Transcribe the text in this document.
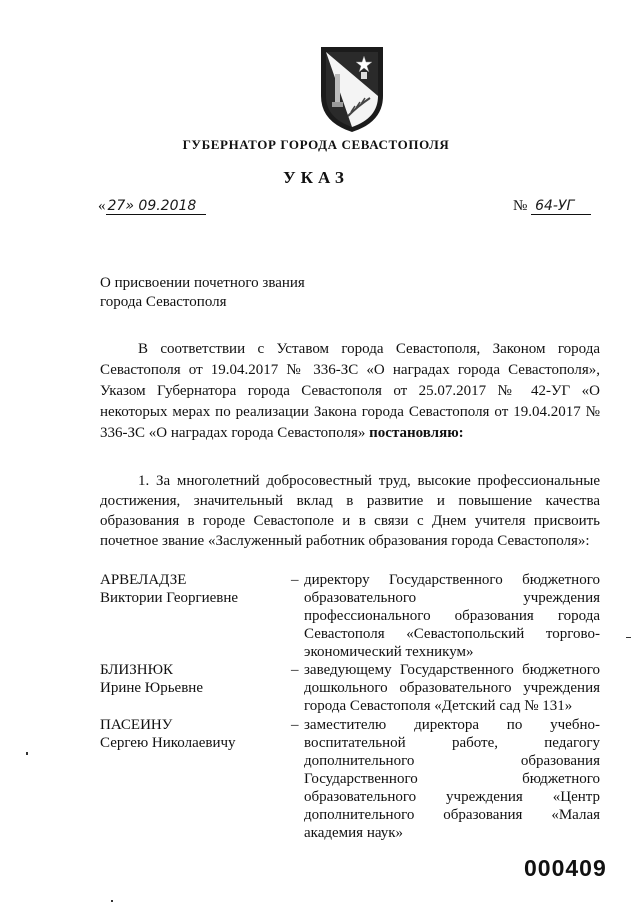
ГУБЕРНАТОР ГОРОДА СЕВАСТОПОЛЯ
УКАЗ
« 27» 09.2018	№ 64-УГ
О присвоении почетного звания
города Севастополя
В соответствии с Уставом города Севастополя, Законом города Севастополя от 19.04.2017 № 336-ЗС «О наградах города Севастополя», Указом Губернатора города Севастополя от 25.07.2017 № 42-УГ «О некоторых мерах по реализации Закона города Севастополя от 19.04.2017 № 336-ЗС «О наградах города Севастополя» постановляю:
1. За многолетний добросовестный труд, высокие профессиональные достижения, значительный вклад в развитие и повышение качества образования в городе Севастополе и в связи с Днем учителя присвоить почетное звание «Заслуженный работник образования города Севастополя»:
АРВЕЛАДЗЕ
Виктории Георгиевне
– директору Государственного бюджетного образовательного учреждения профессионального образования города Севастополя «Севастопольский торгово-
экономический техникум»
БЛИЗНЮК
Ирине Юрьевне
– заведующему Государственного бюджетного дошкольного образовательного учреждения
города Севастополя «Детский сад № 131»
ПАСЕИНУ
Сергею Николаевичу
– заместителю директора по учебно-воспитательной работе, педагогу дополнительного образования Государственного бюджетного образовательного учреждения «Центр дополнительного образования «Малая
академия наук»
000409
